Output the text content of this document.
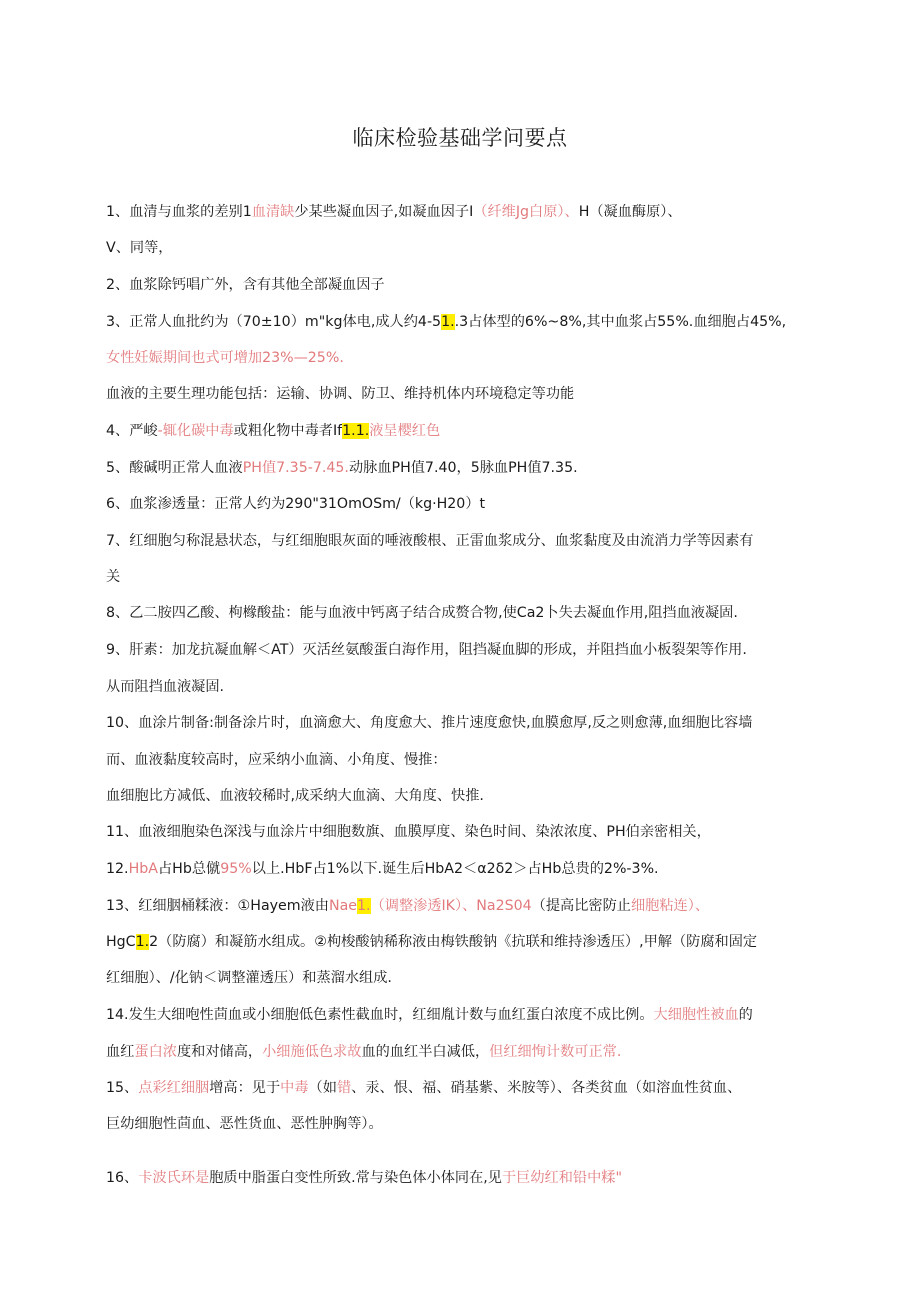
临床检验基础学问要点
1、血清与血浆的差别1血清缺少某些凝血因子,如凝血因子I（纤维Jg白原）、H（凝血酶原）、
V、同等，
2、血浆除钙唱广外，含有其他全部凝血因子
3、正常人血批约为（70±10）m"kg体电,成人约4-51..3占体型的6%~8%,其中血浆占55%.血细胞占45%,
女性妊娠期间也式可增加23%—25%.
血液的主要生理功能包括：运输、协调、防卫、维持机体内环境稳定等功能
4、严峻-辄化碳中毒或粗化物中毒者If1.1.液呈樱红色
5、酸碱明正常人血液PH值7.35-7.45.动脉血PH值7.40，5脉血PH值7.35.
6、血浆渗透量：正常人约为290"31OmOSm/（kg·H20）t
7、红细胞匀称混悬状态，与红细胞眼灰面的唾液酸根、正雷血浆成分、血浆黏度及由流消力学等因素有
关
8、乙二胺四乙酸、枸橼酸盐：能与血液中钙离子结合成赘合物,使Ca2卜失去凝血作用,阻挡血液凝固.
9、肝素：加龙抗凝血解＜AT）灭活丝氨酸蛋白海作用，阻挡凝血脚的形成，并阻挡血小板裂架等作用.
从而阻挡血液凝固.
10、血涂片制备:制备涂片时，血滴愈大、角度愈大、推片速度愈快,血膜愈厚,反之则愈薄,血细胞比容墙
而、血液黏度较高时，应采纳小血滴、小角度、慢推：
血细胞比方减低、血液较稀时,成采纳大血滴、大角度、快推.
11、血液细胞染色深浅与血涂片中细胞数旗、血膜厚度、染色时间、染浓浓度、PH伯亲密相关，
12.HbA占Hb总僦95%以上.HbF占1%以下.诞生后HbA2＜α2δ2＞占Hb总贵的2%-3%.
13、红细胭桶糅液：①Hayem液由Nae1.（调整渗透IK）、Na2S04（提高比密防止细胞粘连）、
HgC1.2（防腐）和凝筋水组成。②枸梭酸钠稀称液由梅铁酸钠《抗联和维持渗透压）,甲解（防腐和固定
红细胞）、/化钠＜调整灌透压）和蒸溜水组成.
14.发生大细咆性茴血或小细胞低色素性截血时，红细胤计数与血红蛋白浓度不成比例。大细胞性被血的
血红蛋白浓度和对储高，小细施低色求故血的血红半白减低，但红细恂计数可正常.
15、点彩红细胭增高：见于中毒（如错、汞、恨、福、硝基紫、米胺等）、各类贫血（如溶血性贫血、
巨幼细胞性茴血、恶性货血、恶性肿胸等）。
16、卡波氏环是胞质中脂蛋白变性所致.常与染色体小体同在,见于巨幼红和铅中糅"
